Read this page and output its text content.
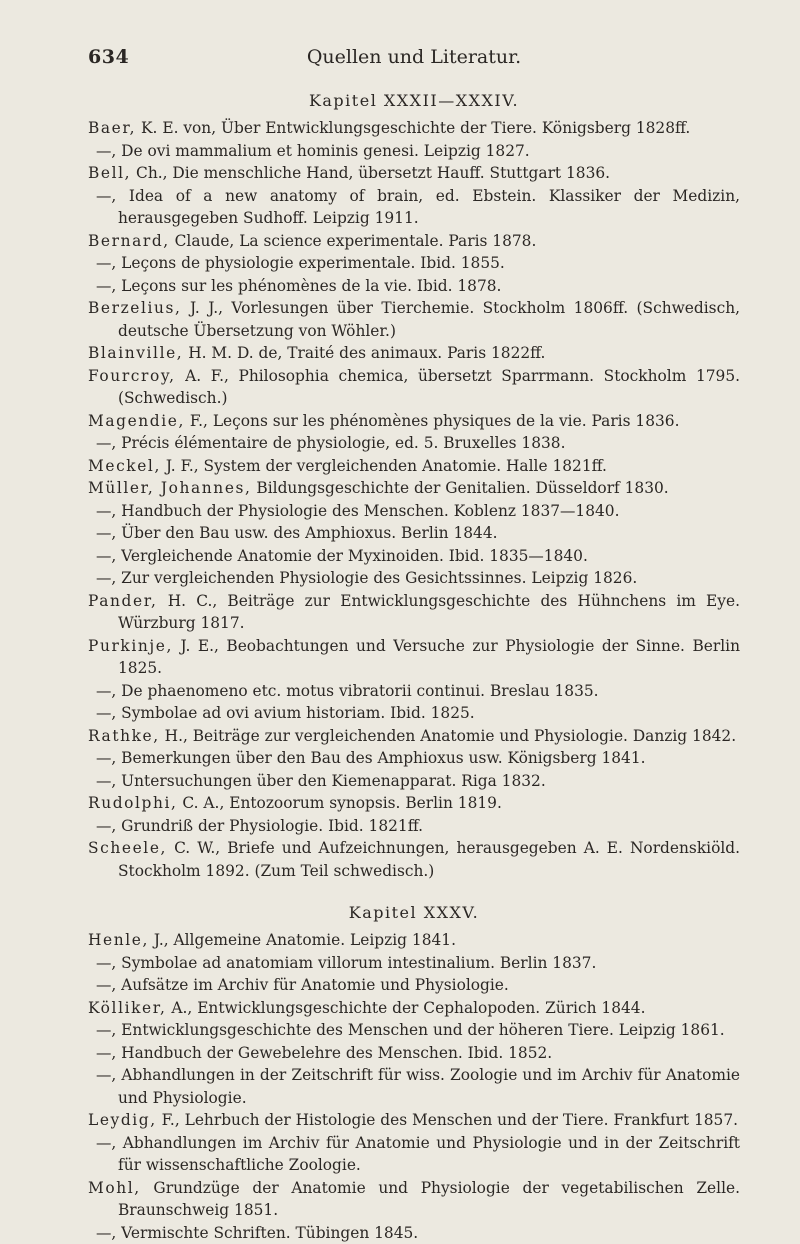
634	Quellen und Literatur.
Kapitel XXXII—XXXIV.
Baer, K. E. von, Über Entwicklungsgeschichte der Tiere. Königsberg 1828ff.
—, De ovi mammalium et hominis genesi. Leipzig 1827.
Bell, Ch., Die menschliche Hand, übersetzt Hauff. Stuttgart 1836.
—, Idea of a new anatomy of brain, ed. Ebstein. Klassiker der Medizin, herausgegeben Sudhoff. Leipzig 1911.
Bernard, Claude, La science experimentale. Paris 1878.
—, Leçons de physiologie experimentale. Ibid. 1855.
—, Leçons sur les phénomènes de la vie. Ibid. 1878.
Berzelius, J. J., Vorlesungen über Tierchemie. Stockholm 1806ff. (Schwedisch, deutsche Übersetzung von Wöhler.)
Blainville, H. M. D. de, Traité des animaux. Paris 1822ff.
Fourcroy, A. F., Philosophia chemica, übersetzt Sparrmann. Stockholm 1795. (Schwedisch.)
Magendie, F., Leçons sur les phénomènes physiques de la vie. Paris 1836.
—, Précis élémentaire de physiologie, ed. 5. Bruxelles 1838.
Meckel, J. F., System der vergleichenden Anatomie. Halle 1821ff.
Müller, Johannes, Bildungsgeschichte der Genitalien. Düsseldorf 1830.
—, Handbuch der Physiologie des Menschen. Koblenz 1837—1840.
—, Über den Bau usw. des Amphioxus. Berlin 1844.
—, Vergleichende Anatomie der Myxinoiden. Ibid. 1835—1840.
—, Zur vergleichenden Physiologie des Gesichtssinnes. Leipzig 1826.
Pander, H. C., Beiträge zur Entwicklungsgeschichte des Hühnchens im Eye. Würzburg 1817.
Purkinje, J. E., Beobachtungen und Versuche zur Physiologie der Sinne. Berlin 1825.
—, De phaenomeno etc. motus vibratorii continui. Breslau 1835.
—, Symbolae ad ovi avium historiam. Ibid. 1825.
Rathke, H., Beiträge zur vergleichenden Anatomie und Physiologie. Danzig 1842.
—, Bemerkungen über den Bau des Amphioxus usw. Königsberg 1841.
—, Untersuchungen über den Kiemenapparat. Riga 1832.
Rudolphi, C. A., Entozoorum synopsis. Berlin 1819.
—, Grundriß der Physiologie. Ibid. 1821ff.
Scheele, C. W., Briefe und Aufzeichnungen, herausgegeben A. E. Nordenskiöld. Stockholm 1892. (Zum Teil schwedisch.)
Kapitel XXXV.
Henle, J., Allgemeine Anatomie. Leipzig 1841.
—, Symbolae ad anatomiam villorum intestinalium. Berlin 1837.
—, Aufsätze im Archiv für Anatomie und Physiologie.
Kölliker, A., Entwicklungsgeschichte der Cephalopoden. Zürich 1844.
—, Entwicklungsgeschichte des Menschen und der höheren Tiere. Leipzig 1861.
—, Handbuch der Gewebelehre des Menschen. Ibid. 1852.
—, Abhandlungen in der Zeitschrift für wiss. Zoologie und im Archiv für Anatomie und Physiologie.
Leydig, F., Lehrbuch der Histologie des Menschen und der Tiere. Frankfurt 1857.
—, Abhandlungen im Archiv für Anatomie und Physiologie und in der Zeitschrift für wissenschaftliche Zoologie.
Mohl, Grundzüge der Anatomie und Physiologie der vegetabilischen Zelle. Braunschweig 1851.
—, Vermischte Schriften. Tübingen 1845.
